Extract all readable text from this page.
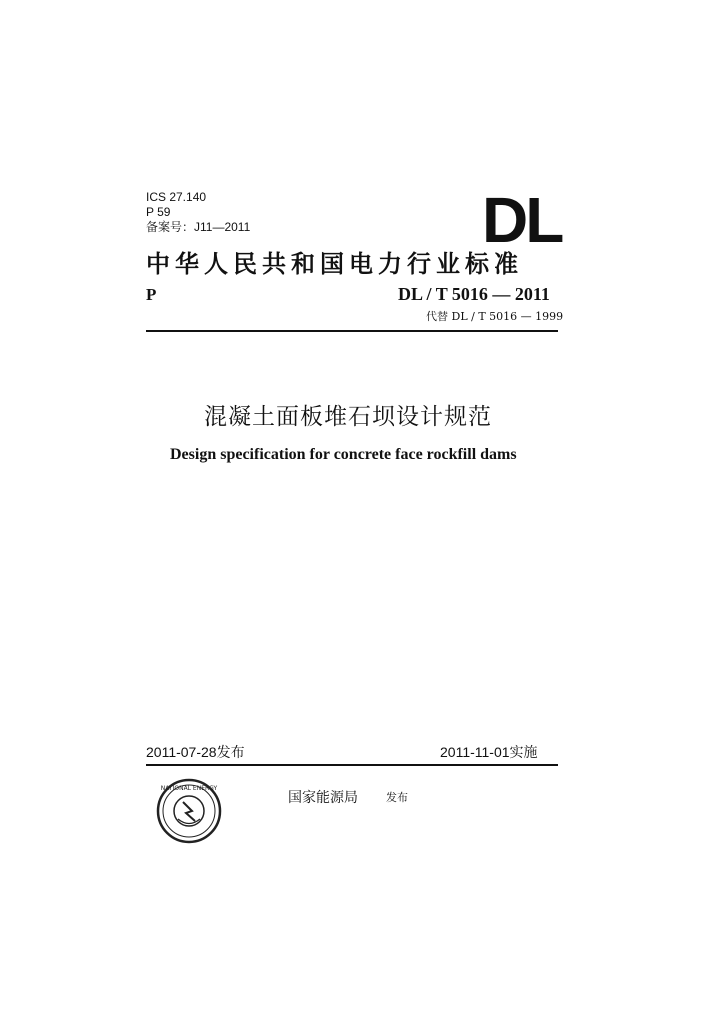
ICS 27.140
P 59
备案号：J11—2011	DL
中华人民共和国电力行业标准
P	DL / T 5016 — 2011
代替 DL / T 5016 — 1999
混凝土面板堆石坝设计规范
Design specification for concrete face rockfill dams
2011-07-28发布	2011-11-01实施
NATIONAL ENERGY
国家能源局	发布
